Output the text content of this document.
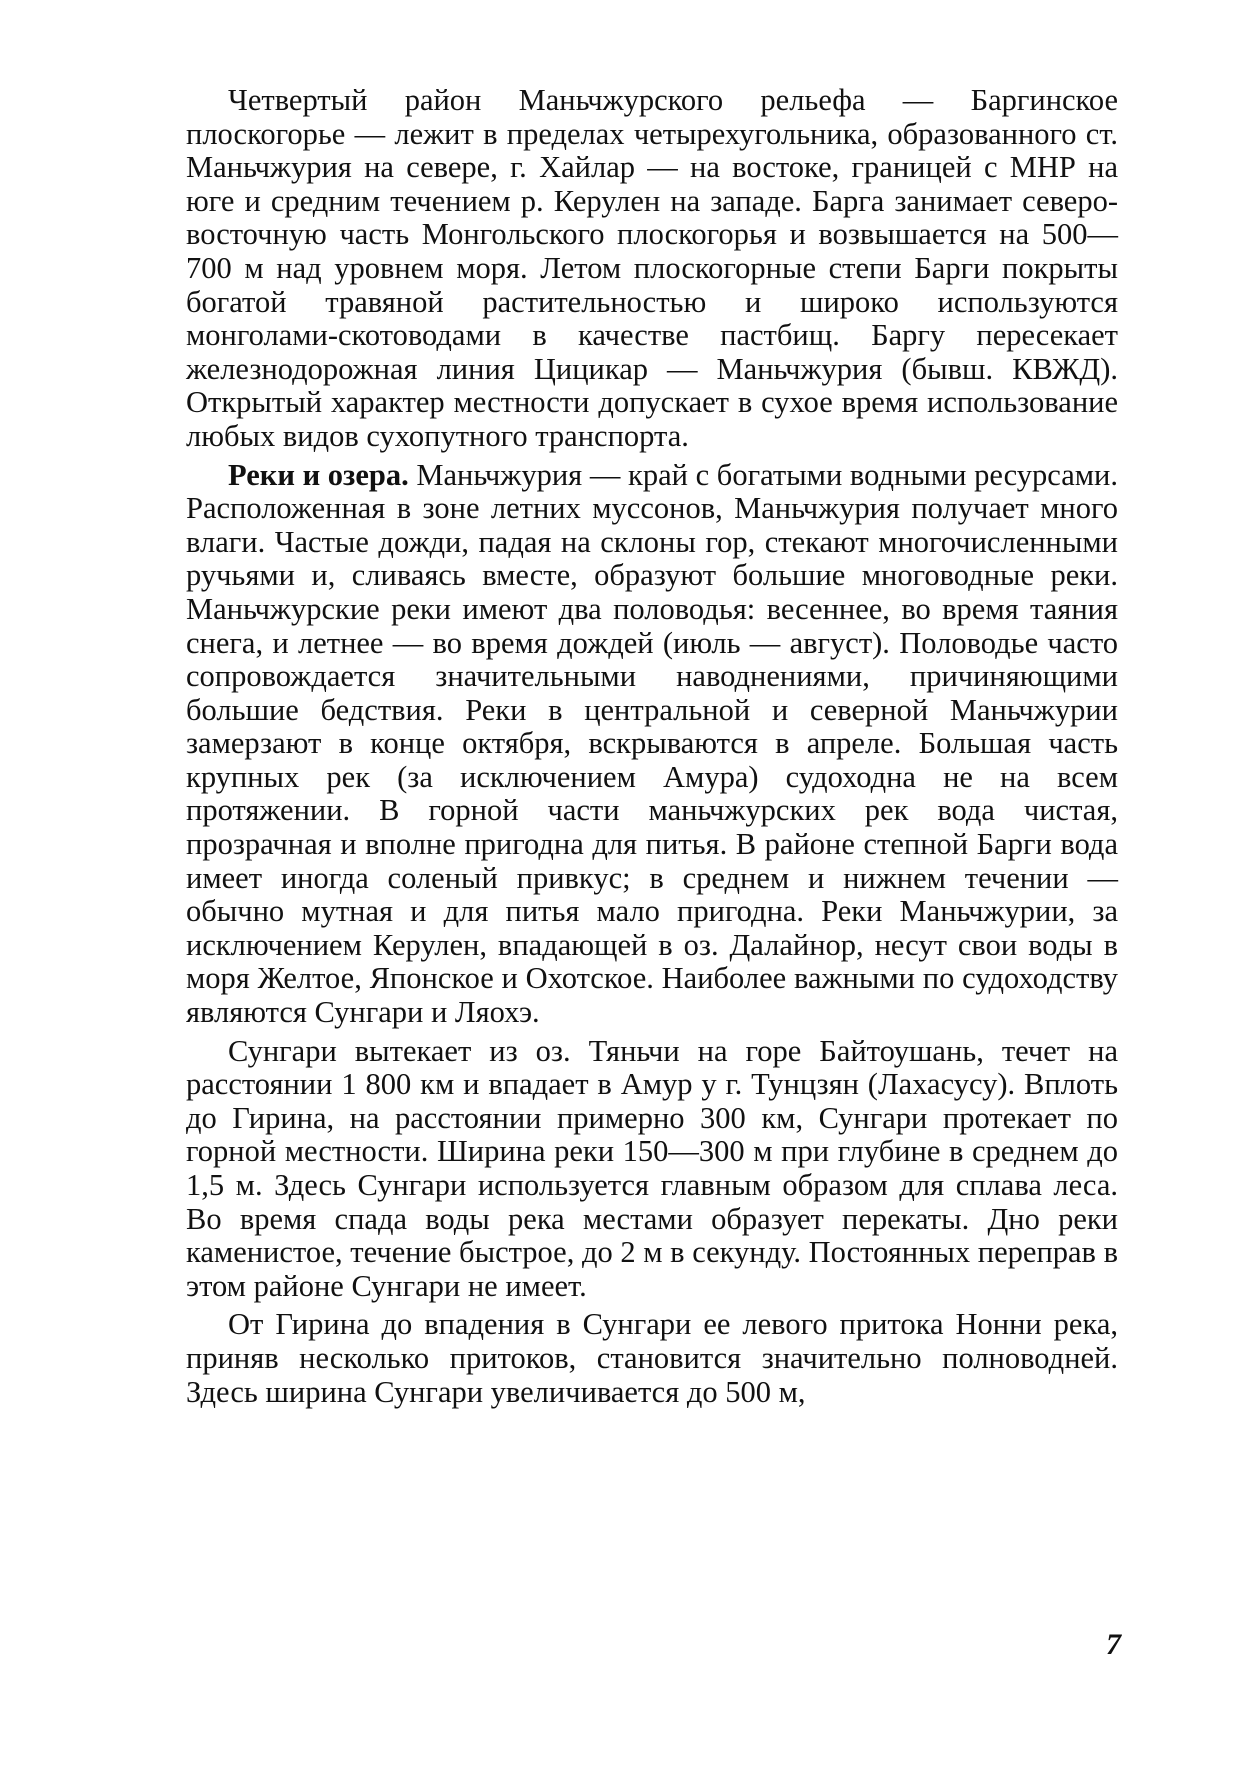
Четвертый район Маньчжурского рельефа — Баргинское плоскогорье — лежит в пределах четырехугольника, образованного ст. Маньчжурия на севере, г. Хайлар — на востоке, границей с МНР на юге и средним течением р. Керулен на западе. Барга занимает северо-восточную часть Монгольского плоскогорья и возвышается на 500—700 м над уровнем моря. Летом плоскогорные степи Барги покрыты богатой травяной растительностью и широко используются монголами-скотоводами в качестве пастбищ. Баргу пересекает железнодорожная линия Цицикар — Маньчжурия (бывш. КВЖД). Открытый характер местности допускает в сухое время использование любых видов сухопутного транспорта.

Реки и озера. Маньчжурия — край с богатыми водными ресурсами. Расположенная в зоне летних муссонов, Маньчжурия получает много влаги. Частые дожди, падая на склоны гор, стекают многочисленными ручьями и, сливаясь вместе, образуют большие многоводные реки. Маньчжурские реки имеют два половодья: весеннее, во время таяния снега, и летнее — во время дождей (июль — август). Половодье часто сопровождается значительными наводнениями, причиняющими большие бедствия. Реки в центральной и северной Маньчжурии замерзают в конце октября, вскрываются в апреле. Большая часть крупных рек (за исключением Амура) судоходна не на всем протяжении. В горной части маньчжурских рек вода чистая, прозрачная и вполне пригодна для питья. В районе степной Барги вода имеет иногда соленый привкус; в среднем и нижнем течении — обычно мутная и для питья мало пригодна. Реки Маньчжурии, за исключением Керулен, впадающей в оз. Далайнор, несут свои воды в моря Желтое, Японское и Охотское. Наиболее важными по судоходству являются Сунгари и Ляохэ.

Сунгари вытекает из оз. Тяньчи на горе Байтоушань, течет на расстоянии 1 800 км и впадает в Амур у г. Тунцзян (Лахасусу). Вплоть до Гирина, на расстоянии примерно 300 км, Сунгари протекает по горной местности. Ширина реки 150—300 м при глубине в среднем до 1,5 м. Здесь Сунгари используется главным образом для сплава леса. Во время спада воды река местами образует перекаты. Дно реки каменистое, течение быстрое, до 2 м в секунду. Постоянных переправ в этом районе Сунгари не имеет.

От Гирина до впадения в Сунгари ее левого притока Нонни река, приняв несколько притоков, становится значительно полноводней. Здесь ширина Сунгари увеличивается до 500 м,

7
